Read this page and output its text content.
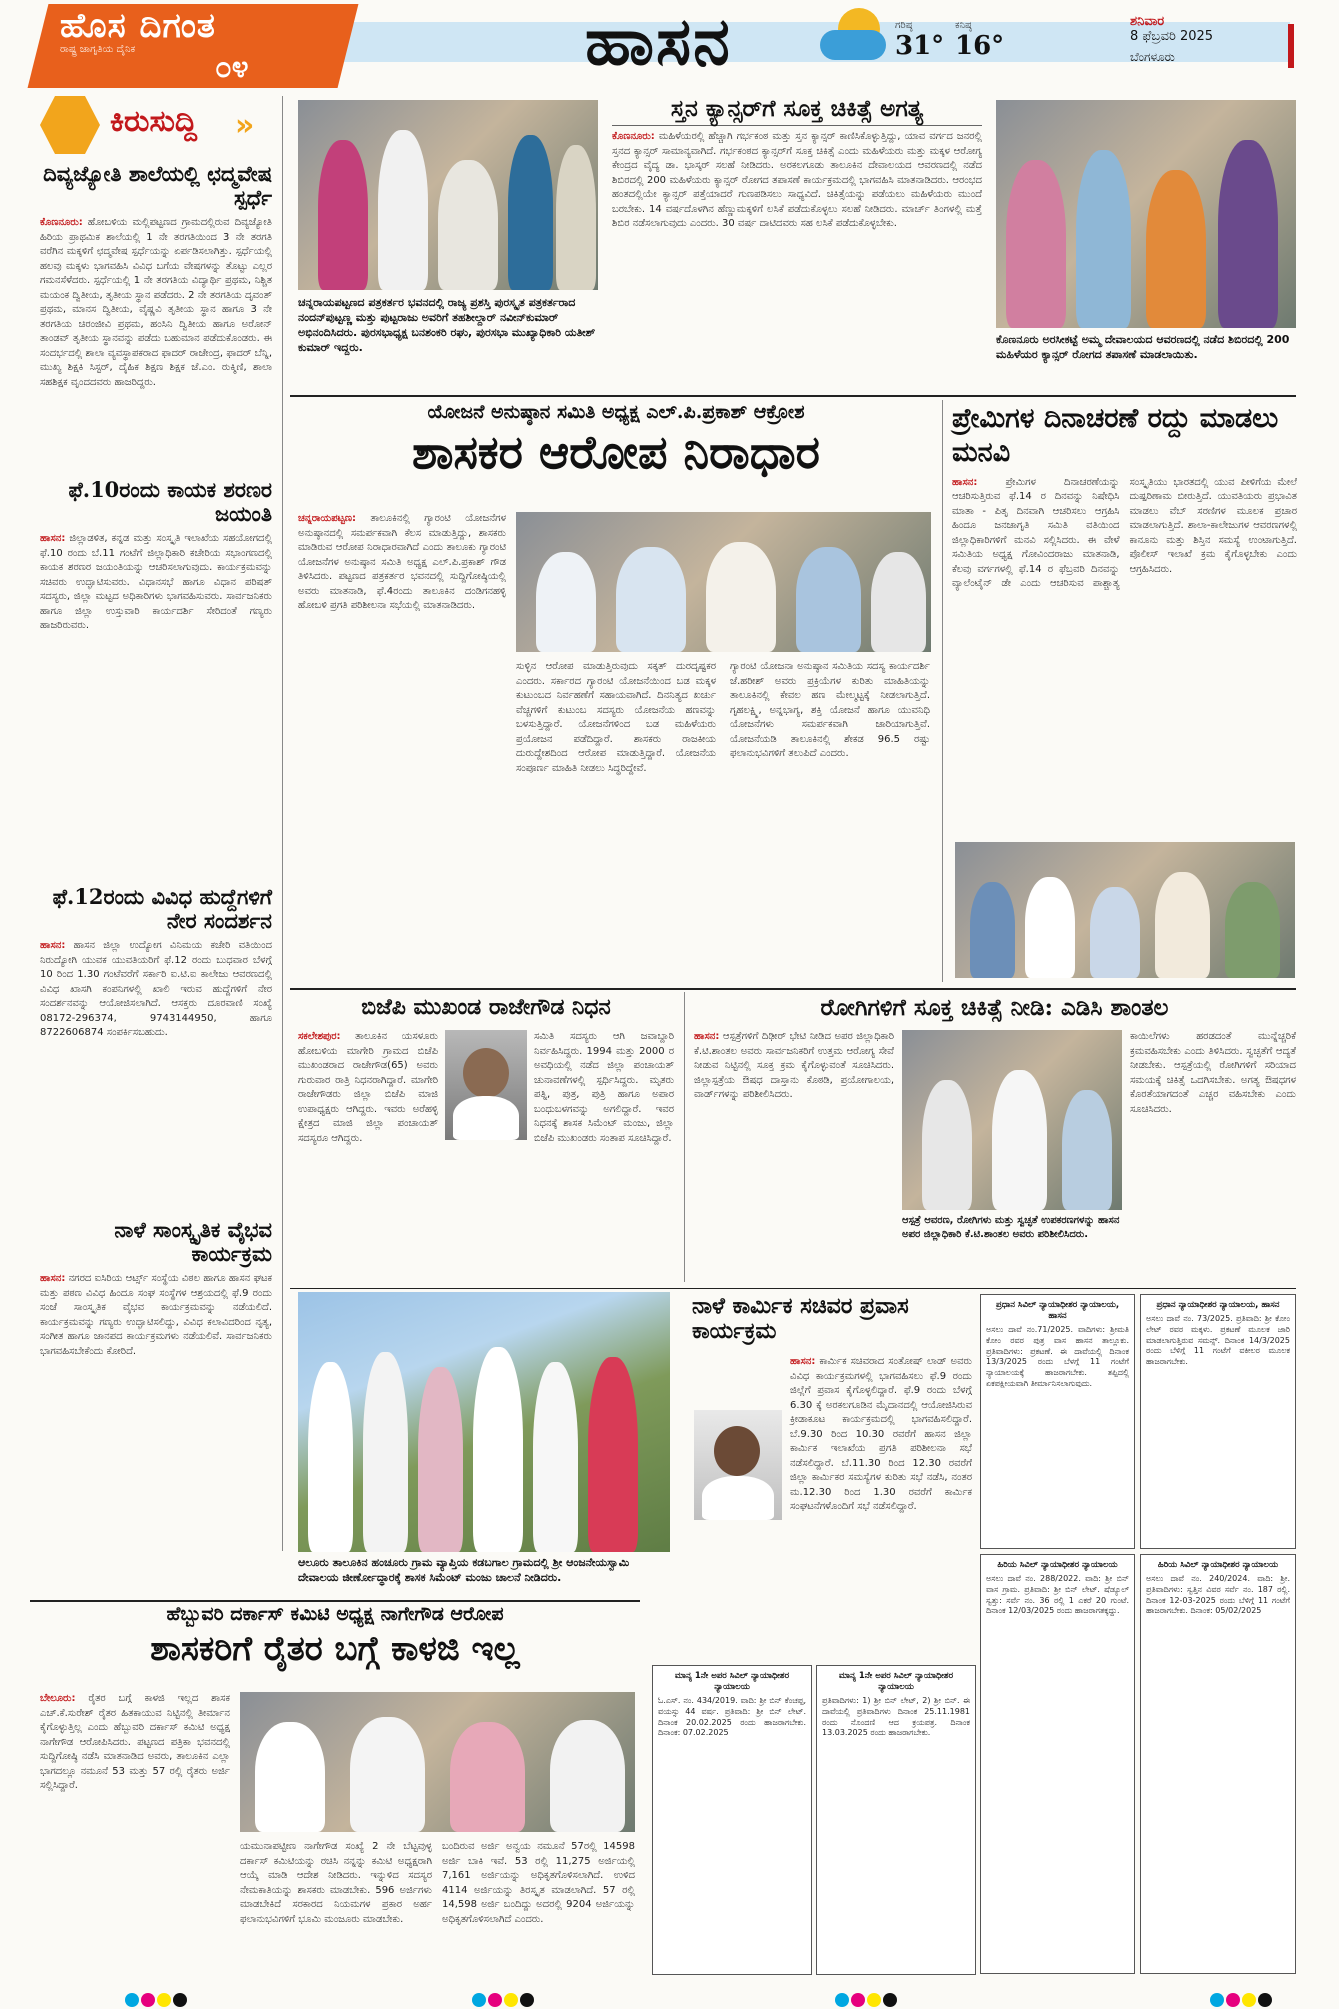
ಹೊಸ ದಿಗಂತ
ರಾಷ್ಟ್ರ ಜಾಗೃತಿಯ ದೈನಿಕ
೦೪	ಹಾಸನ	ಗರಿಷ್ಠ
31°
ಕನಿಷ್ಠ
16°
ಶನಿವಾರ
8 ಫೆಬ್ರವರಿ 2025
ಬೆಂಗಳೂರು
ಕಿರುಸುದ್ದಿ »
ದಿವ್ಯಜ್ಯೋತಿ ಶಾಲೆಯಲ್ಲಿ ಛದ್ಮವೇಷ ಸ್ಪರ್ಧೆ
ಕೊಣನೂರು: ಹೋಬಳಿಯ ಮಲ್ಲಿಪಟ್ಟಣದ ಗ್ರಾಮದಲ್ಲಿರುವ ದಿವ್ಯಜ್ಯೋತಿ ಹಿರಿಯ ಪ್ರಾಥಮಿಕ ಶಾಲೆಯಲ್ಲಿ 1 ನೇ ತರಗತಿಯಿಂದ 3 ನೇ ತರಗತಿ ವರೆಗಿನ ಮಕ್ಕಳಿಗೆ ಛದ್ಮವೇಷ ಸ್ಪರ್ಧೆಯನ್ನು ಏರ್ಪಡಿಸಲಾಗಿತ್ತು. ಸ್ಪರ್ಧೆಯಲ್ಲಿ ಹಲವು ಮಕ್ಕಳು ಭಾಗವಹಿಸಿ ವಿವಿಧ ಬಗೆಯ ವೇಷಗಳನ್ನು ತೊಟ್ಟು ಎಲ್ಲರ ಗಮನಸೆಳೆದರು. ಸ್ಪರ್ಧೆಯಲ್ಲಿ 1 ನೇ ತರಗತಿಯ ವಿದ್ಯಾರ್ಥಿ ಪ್ರಥಮ, ನಿಶ್ಚಿತ ಮಯಂಕ ದ್ವಿತೀಯ, ತೃತೀಯ ಸ್ಥಾನ ಪಡೆದರು. 2 ನೇ ತರಗತಿಯ ದೃವಂತ್ ಪ್ರಥಮ, ಮಾನಸ ದ್ವಿತೀಯ, ವೈಷ್ಣವಿ ತೃತೀಯ ಸ್ಥಾನ ಹಾಗೂ 3 ನೇ ತರಗತಿಯ ಚಿರಂಜೀವಿ ಪ್ರಥಮ, ಹಂಸಿನಿ ದ್ವಿತೀಯ ಹಾಗೂ ಅರೋನ್ ತಾಂಡವ್ ತೃತೀಯ ಸ್ಥಾನವನ್ನು ಪಡೆದು ಬಹುಮಾನ ಪಡೆದುಕೊಂಡರು. ಈ ಸಂದರ್ಭದಲ್ಲಿ ಶಾಲಾ ವ್ಯವಸ್ಥಾಪಕರಾದ ಫಾದರ್ ರಾಜೇಂದ್ರ, ಫಾದರ್ ಬೆನ್ನಿ, ಮುಖ್ಯ ಶಿಕ್ಷಕಿ ಸಿಸ್ಟರ್, ದೈಹಿಕ ಶಿಕ್ಷಣ ಶಿಕ್ಷಕ ಜೆ.ಎಂ. ರುಕ್ಮಿಣಿ, ಶಾಲಾ ಸಹಶಿಕ್ಷಕ ವೃಂದದವರು ಹಾಜರಿದ್ದರು.
ಫೆ.10ರಂದು ಕಾಯಕ ಶರಣರ ಜಯಂತಿ
ಹಾಸನ: ಜಿಲ್ಲಾಡಳಿತ, ಕನ್ನಡ ಮತ್ತು ಸಂಸ್ಕೃತಿ ಇಲಾಖೆಯ ಸಹಯೋಗದಲ್ಲಿ ಫೆ.10 ರಂದು ಬೆ.11 ಗಂಟೆಗೆ ಜಿಲ್ಲಾಧಿಕಾರಿ ಕಚೇರಿಯ ಸಭಾಂಗಣದಲ್ಲಿ ಕಾಯಕ ಶರಣರ ಜಯಂತಿಯನ್ನು ಆಚರಿಸಲಾಗುವುದು. ಕಾರ್ಯಕ್ರಮವನ್ನು ಸಚಿವರು ಉದ್ಘಾಟಿಸುವರು. ವಿಧಾನಸಭೆ ಹಾಗೂ ವಿಧಾನ ಪರಿಷತ್ ಸದಸ್ಯರು, ಜಿಲ್ಲಾ ಮಟ್ಟದ ಅಧಿಕಾರಿಗಳು ಭಾಗವಹಿಸುವರು. ಸಾರ್ವಜನಿಕರು ಹಾಗೂ ಜಿಲ್ಲಾ ಉಸ್ತುವಾರಿ ಕಾರ್ಯದರ್ಶಿ ಸೇರಿದಂತೆ ಗಣ್ಯರು ಹಾಜರಿರುವರು.
ಫೆ.12ರಂದು ವಿವಿಧ ಹುದ್ದೆಗಳಿಗೆ ನೇರ ಸಂದರ್ಶನ
ಹಾಸನ: ಹಾಸನ ಜಿಲ್ಲಾ ಉದ್ಯೋಗ ವಿನಿಮಯ ಕಚೇರಿ ವತಿಯಿಂದ ನಿರುದ್ಯೋಗಿ ಯುವಕ ಯುವತಿಯರಿಗೆ ಫೆ.12 ರಂದು ಬುಧವಾರ ಬೆಳಗ್ಗೆ 10 ರಿಂದ 1.30 ಗಂಟೆವರೆಗೆ ಸರ್ಕಾರಿ ಐ.ಟಿ.ಐ ಕಾಲೇಜು ಆವರಣದಲ್ಲಿ ವಿವಿಧ ಖಾಸಗಿ ಕಂಪನಿಗಳಲ್ಲಿ ಖಾಲಿ ಇರುವ ಹುದ್ದೆಗಳಿಗೆ ನೇರ ಸಂದರ್ಶನವನ್ನು ಆಯೋಜಿಸಲಾಗಿದೆ. ಆಸಕ್ತರು ದೂರವಾಣಿ ಸಂಖ್ಯೆ 08172-296374, 9743144950, ಹಾಗೂ 8722606874 ಸಂಪರ್ಕಿಸಬಹುದು.
ನಾಳೆ ಸಾಂಸ್ಕೃತಿಕ ವೈಭವ ಕಾರ್ಯಕ್ರಮ
ಹಾಸನ: ನಗರದ ಐಸಿರಿಯ ಆರ್ಟ್ಸ್ ಸಂಸ್ಥೆಯ ವಿಠಲ ಹಾಗೂ ಹಾಸನ ಘಟಕ ಮತ್ತು ಪಠಣ ವಿವಿಧ ಹಿಂದೂ ಸಂಘ ಸಂಸ್ಥೆಗಳ ಆಶ್ರಯದಲ್ಲಿ ಫೆ.9 ರಂದು ಸಂಜೆ ಸಾಂಸ್ಕೃತಿಕ ವೈಭವ ಕಾರ್ಯಕ್ರಮವನ್ನು ನಡೆಯಲಿದೆ. ಕಾರ್ಯಕ್ರಮವನ್ನು ಗಣ್ಯರು ಉದ್ಘಾಟಿಸಲಿದ್ದು, ವಿವಿಧ ಕಲಾವಿದರಿಂದ ನೃತ್ಯ, ಸಂಗೀತ ಹಾಗೂ ಜಾನಪದ ಕಾರ್ಯಕ್ರಮಗಳು ನಡೆಯಲಿವೆ. ಸಾರ್ವಜನಿಕರು ಭಾಗವಹಿಸಬೇಕೆಂದು ಕೋರಿದೆ.
ಚನ್ನರಾಯಪಟ್ಟಣದ ಪತ್ರಕರ್ತರ ಭವನದಲ್ಲಿ ರಾಜ್ಯ ಪ್ರಶಸ್ತಿ ಪುರಸ್ಕೃತ ಪತ್ರಕರ್ತರಾದ ನಂದನ್‌ಪುಟ್ಟಣ್ಣ ಮತ್ತು ಪುಟ್ಟರಾಜು ಅವರಿಗೆ ತಹಶೀಲ್ದಾರ್ ನವೀನ್‌ಕುಮಾರ್ ಅಭಿನಂದಿಸಿದರು. ಪುರಸಭಾಧ್ಯಕ್ಷ ಬನಶಂಕರಿ ರಘು, ಪುರಸಭಾ ಮುಖ್ಯಾಧಿಕಾರಿ ಯತೀಶ್ ಕುಮಾರ್ ಇದ್ದರು.
ಸ್ತನ ಕ್ಯಾನ್ಸರ್‌ಗೆ ಸೂಕ್ತ ಚಿಕಿತ್ಸೆ ಅಗತ್ಯ
ಕೊಣನೂರು: ಮಹಿಳೆಯರಲ್ಲಿ ಹೆಚ್ಚಾಗಿ ಗರ್ಭಕಂಠ ಮತ್ತು ಸ್ತನ ಕ್ಯಾನ್ಸರ್ ಕಾಣಿಸಿಕೊಳ್ಳುತ್ತಿದ್ದು, ಯಾವ ವರ್ಗದ ಜನರಲ್ಲಿ ಸ್ತನದ ಕ್ಯಾನ್ಸರ್ ಸಾಮಾನ್ಯವಾಗಿದೆ. ಗರ್ಭಕಂಠದ ಕ್ಯಾನ್ಸರ್‌ಗೆ ಸೂಕ್ತ ಚಿಕಿತ್ಸೆ ಎಂದು ಮಹಿಳೆಯರು ಮತ್ತು ಮಕ್ಕಳ ಆರೋಗ್ಯ ಕೇಂದ್ರದ ವೈದ್ಯ ಡಾ. ಭಾಸ್ಕರ್ ಸಲಹೆ ನೀಡಿದರು. ಅರಕಲಗೂಡು ತಾಲೂಕಿನ ದೇವಾಲಯದ ಆವರಣದಲ್ಲಿ ನಡೆದ ಶಿಬಿರದಲ್ಲಿ 200 ಮಹಿಳೆಯರು ಕ್ಯಾನ್ಸರ್ ರೋಗದ ತಪಾಸಣೆ ಕಾರ್ಯಕ್ರಮದಲ್ಲಿ ಭಾಗವಹಿಸಿ ಮಾತನಾಡಿದರು. ಆರಂಭದ ಹಂತದಲ್ಲಿಯೇ ಕ್ಯಾನ್ಸರ್ ಪತ್ತೆಯಾದರೆ ಗುಣಪಡಿಸಲು ಸಾಧ್ಯವಿದೆ. ಚಿಕಿತ್ಸೆಯನ್ನು ಪಡೆಯಲು ಮಹಿಳೆಯರು ಮುಂದೆ ಬರಬೇಕು. 14 ವರ್ಷದೊಳಗಿನ ಹೆಣ್ಣುಮಕ್ಕಳಿಗೆ ಲಸಿಕೆ ಪಡೆದುಕೊಳ್ಳಲು ಸಲಹೆ ನೀಡಿದರು. ಮಾರ್ಚ್ ತಿಂಗಳಲ್ಲಿ ಮತ್ತೆ ಶಿಬಿರ ನಡೆಸಲಾಗುವುದು ಎಂದರು. 30 ವರ್ಷ ದಾಟಿದವರು ಸಹ ಲಸಿಕೆ ಪಡೆದುಕೊಳ್ಳಬೇಕು.
ಕೊಣನೂರು ಅರಸೀಕಟ್ಟೆ ಅಮ್ಮ ದೇವಾಲಯದ ಆವರಣದಲ್ಲಿ ನಡೆದ ಶಿಬಿರದಲ್ಲಿ 200 ಮಹಿಳೆಯರ ಕ್ಯಾನ್ಸರ್ ರೋಗದ ತಪಾಸಣೆ ಮಾಡಲಾಯಿತು.
ಯೋಜನೆ ಅನುಷ್ಠಾನ ಸಮಿತಿ ಅಧ್ಯಕ್ಷ ಎಲ್.ಪಿ.ಪ್ರಕಾಶ್ ಆಕ್ರೋಶ
ಶಾಸಕರ ಆರೋಪ ನಿರಾಧಾರ
ಚನ್ನರಾಯಪಟ್ಟಣ: ತಾಲೂಕಿನಲ್ಲಿ ಗ್ಯಾರಂಟಿ ಯೋಜನೆಗಳ ಅನುಷ್ಠಾನದಲ್ಲಿ ಸಮರ್ಪಕವಾಗಿ ಕೆಲಸ ಮಾಡುತ್ತಿದ್ದು, ಶಾಸಕರು ಮಾಡಿರುವ ಆರೋಪ ನಿರಾಧಾರವಾಗಿದೆ ಎಂದು ತಾಲೂಕು ಗ್ಯಾರಂಟಿ ಯೋಜನೆಗಳ ಅನುಷ್ಠಾನ ಸಮಿತಿ ಅಧ್ಯಕ್ಷ ಎಲ್.ಪಿ.ಪ್ರಕಾಶ್ ಗೌಡ ತಿಳಿಸಿದರು. ಪಟ್ಟಣದ ಪತ್ರಕರ್ತರ ಭವನದಲ್ಲಿ ಸುದ್ದಿಗೋಷ್ಠಿಯಲ್ಲಿ ಅವರು ಮಾತನಾಡಿ, ಫೆ.4ರಂದು ತಾಲೂಕಿನ ದಂಡಿಗನಹಳ್ಳಿ ಹೋಬಳಿ ಪ್ರಗತಿ ಪರಿಶೀಲನಾ ಸಭೆಯಲ್ಲಿ ಮಾತನಾಡಿದರು.
ಸುಳ್ಳಿನ ಆರೋಪ ಮಾಡುತ್ತಿರುವುದು ಸಕ್ಕತ್ ದುರದೃಷ್ಟಕರ ಎಂದರು. ಸರ್ಕಾರದ ಗ್ಯಾರಂಟಿ ಯೋಜನೆಯಿಂದ ಬಡ ಮಕ್ಕಳ ಕುಟುಂಬದ ನಿರ್ವಹಣೆಗೆ ಸಹಾಯವಾಗಿದೆ. ದಿನನಿತ್ಯದ ಖರ್ಚು ವೆಚ್ಚಗಳಿಗೆ ಕುಟುಂಬ ಸದಸ್ಯರು ಯೋಜನೆಯ ಹಣವನ್ನು ಬಳಸುತ್ತಿದ್ದಾರೆ. ಯೋಜನೆಗಳಿಂದ ಬಡ ಮಹಿಳೆಯರು ಪ್ರಯೋಜನ ಪಡೆದಿದ್ದಾರೆ. ಶಾಸಕರು ರಾಜಕೀಯ ದುರುದ್ದೇಶದಿಂದ ಆರೋಪ ಮಾಡುತ್ತಿದ್ದಾರೆ. ಯೋಜನೆಯ ಸಂಪೂರ್ಣ ಮಾಹಿತಿ ನೀಡಲು ಸಿದ್ಧರಿದ್ದೇವೆ.
ಗ್ಯಾರಂಟಿ ಯೋಜನಾ ಅನುಷ್ಠಾನ ಸಮಿತಿಯ ಸದಸ್ಯ ಕಾರ್ಯದರ್ಶಿ ಜೆ.ಹರೀಶ್ ಅವರು ಪ್ರಕ್ರಿಯೆಗಳ ಕುರಿತು ಮಾಹಿತಿಯನ್ನು ತಾಲೂಕಿನಲ್ಲಿ ಕೇವಲ ಹಣ ಮೇಲ್ಮಟ್ಟಕ್ಕೆ ನೀಡಲಾಗುತ್ತಿದೆ. ಗೃಹಲಕ್ಷ್ಮಿ, ಅನ್ನಭಾಗ್ಯ, ಶಕ್ತಿ ಯೋಜನೆ ಹಾಗೂ ಯುವನಿಧಿ ಯೋಜನೆಗಳು ಸಮರ್ಪಕವಾಗಿ ಜಾರಿಯಾಗುತ್ತಿವೆ. ಯೋಜನೆಯಡಿ ತಾಲೂಕಿನಲ್ಲಿ ಶೇಕಡ 96.5 ರಷ್ಟು ಫಲಾನುಭವಿಗಳಿಗೆ ತಲುಪಿದೆ ಎಂದರು.
ಪ್ರೇಮಿಗಳ ದಿನಾಚರಣೆ ರದ್ದು ಮಾಡಲು ಮನವಿ
ಹಾಸನ:	ಪ್ರೇಮಿಗಳ ದಿನಾಚರಣೆಯನ್ನು ಆಚರಿಸುತ್ತಿರುವ ಫೆ.14 ರ ದಿನವನ್ನು ನಿಷೇಧಿಸಿ ಮಾತಾ - ಪಿತೃ ದಿನವಾಗಿ ಆಚರಿಸಲು ಆಗ್ರಹಿಸಿ ಹಿಂದೂ ಜನಜಾಗೃತಿ ಸಮಿತಿ ವತಿಯಿಂದ ಜಿಲ್ಲಾಧಿಕಾರಿಗಳಿಗೆ ಮನವಿ ಸಲ್ಲಿಸಿದರು. ಈ ವೇಳೆ ಸಮಿತಿಯ ಅಧ್ಯಕ್ಷ ಗೋವಿಂದರಾಜು ಮಾತನಾಡಿ, ಕೆಲವು ವರ್ಗಗಳಲ್ಲಿ ಫೆ.14 ರ ಫೆಬ್ರವರಿ ದಿನವನ್ನು ವ್ಯಾಲೆಂಟೈನ್ ಡೇ ಎಂದು ಆಚರಿಸುವ ಪಾಶ್ಚಾತ್ಯ ಸಂಸ್ಕೃತಿಯು ಭಾರತದಲ್ಲಿ ಯುವ ಪೀಳಿಗೆಯ ಮೇಲೆ ದುಷ್ಪರಿಣಾಮ ಬೀರುತ್ತಿದೆ. ಯುವತಿಯರು ಪ್ರಭಾವಿತ ಮಾಡಲು ವೆಬ್ ಸರಣಿಗಳ ಮೂಲಕ ಪ್ರಚಾರ ಮಾಡಲಾಗುತ್ತಿದೆ. ಶಾಲಾ-ಕಾಲೇಜುಗಳ ಆವರಣಗಳಲ್ಲಿ ಕಾನೂನು ಮತ್ತು ಶಿಸ್ತಿನ ಸಮಸ್ಯೆ ಉಂಟಾಗುತ್ತಿದೆ. ಪೊಲೀಸ್ ಇಲಾಖೆ ಕ್ರಮ ಕೈಗೊಳ್ಳಬೇಕು ಎಂದು ಆಗ್ರಹಿಸಿದರು.
ಬಿಜೆಪಿ ಮುಖಂಡ ರಾಜೇಗೌಡ ನಿಧನ
ಸಕಲೇಶಪುರ: ತಾಲೂಕಿನ ಯಸಳೂರು ಹೋಬಳಿಯ ಮಾಗೇರಿ ಗ್ರಾಮದ ಬಿಜೆಪಿ ಮುಖಂಡರಾದ ರಾಜೇಗೌಡ(65) ಅವರು ಗುರುವಾರ ರಾತ್ರಿ ನಿಧನರಾಗಿದ್ದಾರೆ. ಮಾಗೇರಿ ರಾಜೇಗೌಡರು ಜಿಲ್ಲಾ ಬಿಜೆಪಿ ಮಾಜಿ ಉಪಾಧ್ಯಕ್ಷರು ಆಗಿದ್ದರು. ಇವರು ಅರೆಹಳ್ಳಿ ಕ್ಷೇತ್ರದ ಮಾಜಿ ಜಿಲ್ಲಾ ಪಂಚಾಯತ್ ಸದಸ್ಯರೂ ಆಗಿದ್ದರು.
ಸಮಿತಿ ಸದಸ್ಯರು ಆಗಿ ಜವಾಬ್ದಾರಿ ನಿರ್ವಹಿಸಿದ್ದರು. 1994 ಮತ್ತು 2000 ರ ಅವಧಿಯಲ್ಲಿ ನಡೆದ ಜಿಲ್ಲಾ ಪಂಚಾಯತ್ ಚುನಾವಣೆಗಳಲ್ಲಿ ಸ್ಪರ್ಧಿಸಿದ್ದರು. ಮೃತರು ಪತ್ನಿ, ಪುತ್ರ, ಪುತ್ರಿ ಹಾಗೂ ಅಪಾರ ಬಂಧುಬಳಗವನ್ನು ಅಗಲಿದ್ದಾರೆ. ಇವರ ನಿಧನಕ್ಕೆ ಶಾಸಕ ಸಿಮೆಂಟ್ ಮಂಜು, ಜಿಲ್ಲಾ ಬಿಜೆಪಿ ಮುಖಂಡರು ಸಂತಾಪ ಸೂಚಿಸಿದ್ದಾರೆ.
ರೋಗಿಗಳಿಗೆ ಸೂಕ್ತ ಚಿಕಿತ್ಸೆ ನೀಡಿ: ಎಡಿಸಿ ಶಾಂತಲ
ಹಾಸನ: ಆಸ್ಪತ್ರೆಗಳಿಗೆ ದಿಢೀರ್ ಭೇಟಿ ನೀಡಿದ ಅಪರ ಜಿಲ್ಲಾಧಿಕಾರಿ ಕೆ.ಟಿ.ಶಾಂತಲ ಅವರು ಸಾರ್ವಜನಿಕರಿಗೆ ಉತ್ತಮ ಆರೋಗ್ಯ ಸೇವೆ ನೀಡುವ ನಿಟ್ಟಿನಲ್ಲಿ ಸೂಕ್ತ ಕ್ರಮ ಕೈಗೊಳ್ಳುವಂತೆ ಸೂಚಿಸಿದರು. ಜಿಲ್ಲಾಸ್ಪತ್ರೆಯ ಔಷಧ ದಾಸ್ತಾನು ಕೊಠಡಿ, ಪ್ರಯೋಗಾಲಯ, ವಾರ್ಡ್‌ಗಳನ್ನು ಪರಿಶೀಲಿಸಿದರು.
ಆಸ್ಪತ್ರೆ ಆವರಣ, ರೋಗಿಗಳು ಮತ್ತು ಸ್ವಚ್ಛತೆ ಉಪಕರಣಗಳನ್ನು ಹಾಸನ ಅಪರ ಜಿಲ್ಲಾಧಿಕಾರಿ ಕೆ.ಟಿ.ಶಾಂತಲ ಅವರು ಪರಿಶೀಲಿಸಿದರು.
ಕಾಯಿಲೆಗಳು ಹರಡದಂತೆ ಮುನ್ನೆಚ್ಚರಿಕೆ ಕ್ರಮವಹಿಸಬೇಕು ಎಂದು ತಿಳಿಸಿದರು. ಸ್ವಚ್ಛತೆಗೆ ಆದ್ಯತೆ ನೀಡಬೇಕು. ಆಸ್ಪತ್ರೆಯಲ್ಲಿ ರೋಗಿಗಳಿಗೆ ಸರಿಯಾದ ಸಮಯಕ್ಕೆ ಚಿಕಿತ್ಸೆ ಒದಗಿಸಬೇಕು. ಅಗತ್ಯ ಔಷಧಗಳ ಕೊರತೆಯಾಗದಂತೆ ಎಚ್ಚರ ವಹಿಸಬೇಕು ಎಂದು ಸೂಚಿಸಿದರು.
ಆಲೂರು ತಾಲೂಕಿನ ಹಂಚೂರು ಗ್ರಾಮ ವ್ಯಾಪ್ತಿಯ ಕಡಬಗಾಲ ಗ್ರಾಮದಲ್ಲಿ ಶ್ರೀ ಆಂಜನೇಯಸ್ವಾಮಿ ದೇವಾಲಯ ಜೀರ್ಣೋದ್ಧಾರಕ್ಕೆ ಶಾಸಕ ಸಿಮೆಂಟ್ ಮಂಜು ಚಾಲನೆ ನೀಡಿದರು.
ನಾಳೆ ಕಾರ್ಮಿಕ ಸಚಿವರ ಪ್ರವಾಸ ಕಾರ್ಯಕ್ರಮ
ಹಾಸನ: ಕಾರ್ಮಿಕ ಸಚಿವರಾದ ಸಂತೋಷ್ ಲಾಡ್ ಅವರು ವಿವಿಧ ಕಾರ್ಯಕ್ರಮಗಳಲ್ಲಿ ಭಾಗವಹಿಸಲು ಫೆ.9 ರಂದು ಜಿಲ್ಲೆಗೆ ಪ್ರವಾಸ ಕೈಗೊಳ್ಳಲಿದ್ದಾರೆ. ಫೆ.9 ರಂದು ಬೆಳಗ್ಗೆ 6.30 ಕ್ಕೆ ಅರಕಲಗೂಡಿನ ಮೈದಾನದಲ್ಲಿ ಆಯೋಜಿಸಿರುವ ಕ್ರೀಡಾಕೂಟ ಕಾರ್ಯಕ್ರಮದಲ್ಲಿ ಭಾಗವಹಿಸಲಿದ್ದಾರೆ. ಬೆ.9.30 ರಿಂದ 10.30 ರವರೆಗೆ ಹಾಸನ ಜಿಲ್ಲಾ ಕಾರ್ಮಿಕ ಇಲಾಖೆಯ ಪ್ರಗತಿ ಪರಿಶೀಲನಾ ಸಭೆ ನಡೆಸಲಿದ್ದಾರೆ. ಬೆ.11.30 ರಿಂದ 12.30 ರವರೆಗೆ ಜಿಲ್ಲಾ ಕಾರ್ಮಿಕರ ಸಮಸ್ಯೆಗಳ ಕುರಿತು ಸಭೆ ನಡೆಸಿ, ನಂತರ ಮ.12.30 ರಿಂದ 1.30 ರವರೆಗೆ ಕಾರ್ಮಿಕ ಸಂಘಟನೆಗಳೊಂದಿಗೆ ಸಭೆ ನಡೆಸಲಿದ್ದಾರೆ.
ಪ್ರಧಾನ ಸಿವಿಲ್ ನ್ಯಾಯಾಧೀಶರ ನ್ಯಾಯಾಲಯ, ಹಾಸನ
ಅಸಲು ದಾವೆ ನಂ.71/2025. ವಾದಿಗಳು: ಶ್ರೀಮತಿ ಕೋಂ ರವರ ಪುತ್ರ ವಾಸ ಹಾಸನ ತಾಲ್ಲೂಕು. ಪ್ರತಿವಾದಿಗಳು: ಪ್ರಕಟಣೆ. ಈ ದಾವೆಯಲ್ಲಿ ದಿನಾಂಕ 13/3/2025 ರಂದು ಬೆಳಗ್ಗೆ 11 ಗಂಟೆಗೆ ನ್ಯಾಯಾಲಯಕ್ಕೆ ಹಾಜರಾಗಬೇಕು. ತಪ್ಪಿದಲ್ಲಿ ಏಕಪಕ್ಷೀಯವಾಗಿ ತೀರ್ಮಾನಿಸಲಾಗುವುದು.
ಪ್ರಧಾನ ನ್ಯಾಯಾಧೀಶರ ನ್ಯಾಯಾಲಯ, ಹಾಸನ
ಅಸಲು ದಾವೆ ನಂ. 73/2025. ಪ್ರತಿವಾದಿ: ಶ್ರೀ ಕೋಂ ಲೇಟ್ ರವರ ಮಕ್ಕಳು. ಪ್ರಕಟಣೆ ಮೂಲಕ ಜಾರಿ ಮಾಡಲಾಗುತ್ತಿರುವ ಸಮನ್ಸ್. ದಿನಾಂಕ 14/3/2025 ರಂದು ಬೆಳಿಗ್ಗೆ 11 ಗಂಟೆಗೆ ವಕೀಲರ ಮೂಲಕ ಹಾಜರಾಗಬೇಕು.
ಹಿರಿಯ ಸಿವಿಲ್ ನ್ಯಾಯಾಧೀಶರ ನ್ಯಾಯಾಲಯ
ಅಸಲು ದಾವೆ ನಂ. 288/2022. ವಾದಿ: ಶ್ರೀ ಬಿನ್ ವಾಸ ಗ್ರಾಮ. ಪ್ರತಿವಾದಿ: ಶ್ರೀ ಬಿನ್ ಲೇಟ್. ಷೆಡ್ಯೂಲ್ ಸ್ವತ್ತು: ಸರ್ವೆ ನಂ. 36 ರಲ್ಲಿ 1 ಎಕರೆ 20 ಗುಂಟೆ. ದಿನಾಂಕ 12/03/2025 ರಂದು ಹಾಜರಾಗತಕ್ಕದ್ದು.
ಹಿರಿಯ ಸಿವಿಲ್ ನ್ಯಾಯಾಧೀಶರ ನ್ಯಾಯಾಲಯ
ಅಸಲು ದಾವೆ ನಂ. 240/2024. ವಾದಿ: ಶ್ರೀ. ಪ್ರತಿವಾದಿಗಳು: ಸ್ವತ್ತಿನ ವಿವರ ಸರ್ವೆ ನಂ. 187 ರಲ್ಲಿ. ದಿನಾಂಕ 12-03-2025 ರಂದು ಬೆಳಿಗ್ಗೆ 11 ಗಂಟೆಗೆ ಹಾಜರಾಗಬೇಕು. ದಿನಾಂಕ: 05/02/2025
ಮಾನ್ಯ 1ನೇ ಅಪರ ಸಿವಿಲ್ ನ್ಯಾಯಾಧೀಶರ ನ್ಯಾಯಾಲಯ
ಓ.ಎಸ್. ನಂ. 434/2019. ವಾದಿ: ಶ್ರೀ ಬಿನ್ ಕೆಂಚಪ್ಪ, ವಯಸ್ಸು 44 ವರ್ಷ. ಪ್ರತಿವಾದಿ: ಶ್ರೀ ಬಿನ್ ಲೇಟ್. ದಿನಾಂಕ 20.02.2025 ರಂದು ಹಾಜರಾಗಬೇಕು. ದಿನಾಂಕ: 07.02.2025
ಮಾನ್ಯ 1ನೇ ಅಪರ ಸಿವಿಲ್ ನ್ಯಾಯಾಧೀಶರ ನ್ಯಾಯಾಲಯ
ಪ್ರತಿವಾದಿಗಳು: 1) ಶ್ರೀ ಬಿನ್ ಲೇಟ್, 2) ಶ್ರೀ ಬಿನ್. ಈ ದಾವೆಯಲ್ಲಿ ಪ್ರತಿವಾದಿಗಳು ದಿನಾಂಕ 25.11.1981 ರಂದು ನೊಂದಣಿ ಆದ ಕ್ರಯಪತ್ರ. ದಿನಾಂಕ 13.03.2025 ರಂದು ಹಾಜರಾಗಬೇಕು.
ಹೆಬ್ಬುವರಿ ದರ್ಕಾಸ್ ಕಮಿಟಿ ಅಧ್ಯಕ್ಷ ನಾಗೇಗೌಡ ಆರೋಪ
ಶಾಸಕರಿಗೆ ರೈತರ ಬಗ್ಗೆ ಕಾಳಜಿ ಇಲ್ಲ
ಬೇಲೂರು: ರೈತರ ಬಗ್ಗೆ ಕಾಳಜಿ ಇಲ್ಲದ ಶಾಸಕ ಎಚ್.ಕೆ.ಸುರೇಶ್ ರೈತರ ಹಿತಕಾಯುವ ನಿಟ್ಟಿನಲ್ಲಿ ತೀರ್ಮಾನ ಕೈಗೊಳ್ಳುತ್ತಿಲ್ಲ ಎಂದು ಹೆಬ್ಬುವರಿ ದರ್ಕಾಸ್ ಕಮಿಟಿ ಅಧ್ಯಕ್ಷ ನಾಗೇಗೌಡ ಆರೋಪಿಸಿದರು. ಪಟ್ಟಣದ ಪತ್ರಿಕಾ ಭವನದಲ್ಲಿ ಸುದ್ದಿಗೋಷ್ಠಿ ನಡೆಸಿ ಮಾತನಾಡಿದ ಅವರು, ತಾಲೂಕಿನ ಎಲ್ಲಾ ಭಾಗದಲ್ಲೂ ನಮೂನೆ 53 ಮತ್ತು 57 ರಲ್ಲಿ ರೈತರು ಅರ್ಜಿ ಸಲ್ಲಿಸಿದ್ದಾರೆ.
ಯಮುನಾಪಟ್ಟೀ‌ಣ ನಾಗೇಗೌಡ ಸಂಖ್ಯೆ 2 ನೇ ಬೆಟ್ಟವುಳ್ಳ ದರ್ಕಾಸ್ ಕಮಿಟಿಯನ್ನು ರಚಿಸಿ ನನ್ನನ್ನು ಕಮಿಟಿ ಅಧ್ಯಕ್ಷರಾಗಿ ಆಯ್ಕೆ ಮಾಡಿ ಆದೇಶ ನೀಡಿದರು. ಇನ್ನುಳಿದ ಸದಸ್ಯರ ನೇಮಕಾತಿಯನ್ನು ಶಾಸಕರು ಮಾಡಬೇಕು. 596 ಅರ್ಜಿಗಳು ಮಾಡಬೇಕಿದೆ ಸರಕಾರದ ನಿಯಮಗಳ ಪ್ರಕಾರ ಅರ್ಹ ಫಲಾನುಭವಿಗಳಿಗೆ ಭೂಮಿ ಮಂಜೂರು ಮಾಡಬೇಕು.
ಬಂದಿರುವ ಅರ್ಜಿ ಅನ್ವಯ ನಮೂನೆ 57ರಲ್ಲಿ 14598 ಅರ್ಜಿ ಬಾಕಿ ಇವೆ. 53 ರಲ್ಲಿ 11,275 ಅರ್ಜಿಯಲ್ಲಿ 7,161 ಅರ್ಜಿಯನ್ನು ಅಧಿಕೃತಗೊಳಿಸಲಾಗಿದೆ. ಉಳಿದ 4114 ಅರ್ಜಿಯನ್ನು ತಿರಸ್ಕೃತ ಮಾಡಲಾಗಿದೆ. 57 ರಲ್ಲಿ 14,598 ಅರ್ಜಿ ಬಂದಿದ್ದು ಅದರಲ್ಲಿ 9204 ಅರ್ಜಿಯನ್ನು ಅಧಿಕೃತಗೊಳಿಸಲಾಗಿದೆ ಎಂದರು.
